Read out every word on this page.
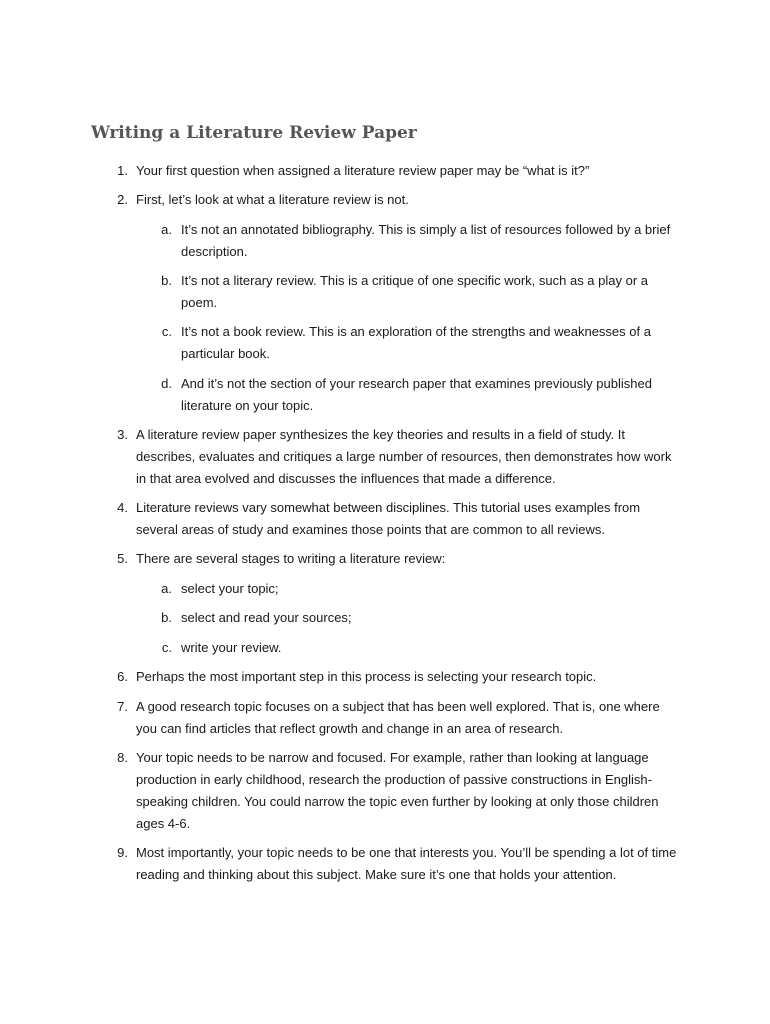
Writing a Literature Review Paper
1. Your first question when assigned a literature review paper may be “what is it?”
2. First, let’s look at what a literature review is not.
a. It’s not an annotated bibliography. This is simply a list of resources followed by a brief description.
b. It’s not a literary review. This is a critique of one specific work, such as a play or a poem.
c. It’s not a book review. This is an exploration of the strengths and weaknesses of a particular book.
d. And it’s not the section of your research paper that examines previously published literature on your topic.
3. A literature review paper synthesizes the key theories and results in a field of study. It describes, evaluates and critiques a large number of resources, then demonstrates how work in that area evolved and discusses the influences that made a difference.
4. Literature reviews vary somewhat between disciplines. This tutorial uses examples from several areas of study and examines those points that are common to all reviews.
5. There are several stages to writing a literature review:
a. select your topic;
b. select and read your sources;
c. write your review.
6. Perhaps the most important step in this process is selecting your research topic.
7. A good research topic focuses on a subject that has been well explored. That is, one where you can find articles that reflect growth and change in an area of research.
8. Your topic needs to be narrow and focused. For example, rather than looking at language production in early childhood, research the production of passive constructions in English-speaking children. You could narrow the topic even further by looking at only those children ages 4-6.
9. Most importantly, your topic needs to be one that interests you. You’ll be spending a lot of time reading and thinking about this subject. Make sure it’s one that holds your attention.
